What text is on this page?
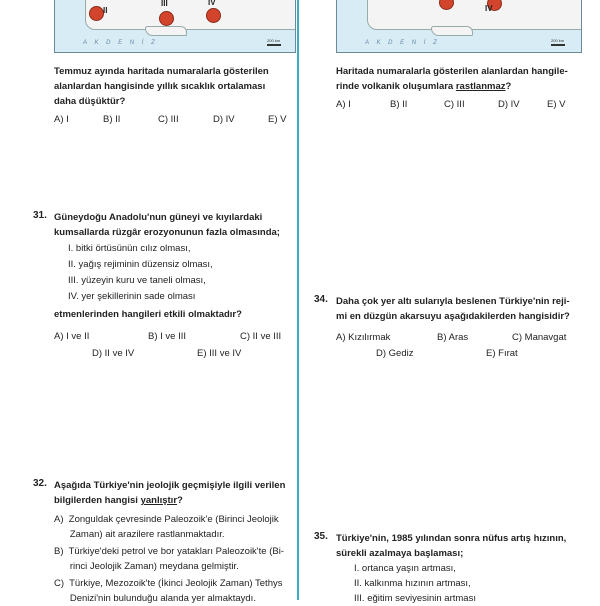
II
III	IV
A K D E N İ Z	200 km
IV
A K D E N İ Z	200 km
Temmuz ayında haritada numaralarla gösterilen
alanlardan hangisinde yıllık sıcaklık ortalaması
daha düşüktür?
A) I	B) II	C) III	D) IV	E) V
Haritada numaralarla gösterilen alanlardan hangile-
rinde volkanik oluşumlara rastlanmaz?
A) I	B) II	C) III	D) IV	E) V
31. Güneydoğu Anadolu'nun güneyi ve kıyılardaki
kumsallarda rüzgâr erozyonunun fazla olmasında;
I. bitki örtüsünün cılız olması,
II. yağış rejiminin düzensiz olması,
III. yüzeyin kuru ve taneli olması,
IV. yer şekillerinin sade olması
etmenlerinden hangileri etkili olmaktadır?
A) I ve II	B) I ve III	C) II ve III
D) II ve IV	E) III ve IV
34. Daha çok yer altı sularıyla beslenen Türkiye'nin reji-
mi en düzgün akarsuyu aşağıdakilerden hangisidir?
A) Kızılırmak	B) Aras	C) Manavgat
D) Gediz	E) Fırat
32. Aşağıda Türkiye'nin jeolojik geçmişiyle ilgili verilen
bilgilerden hangisi yanlıştır?
A)  Zonguldak çevresinde Paleozoik'e (Birinci Jeolojik
Zaman) ait arazilere rastlanmaktadır.
B)  Türkiye'deki petrol ve bor yatakları Paleozoik'te (Bi-
rinci Jeolojik Zaman) meydana gelmiştir.
C)  Türkiye, Mezozoik'te (İkinci Jeolojik Zaman) Tethys
Denizi'nin bulunduğu alanda yer almaktaydı.
35. Türkiye'nin, 1985 yılından sonra nüfus artış hızının,
sürekli azalmaya başlaması;
I. ortanca yaşın artması,
II. kalkınma hızının artması,
III. eğitim seviyesinin artması
